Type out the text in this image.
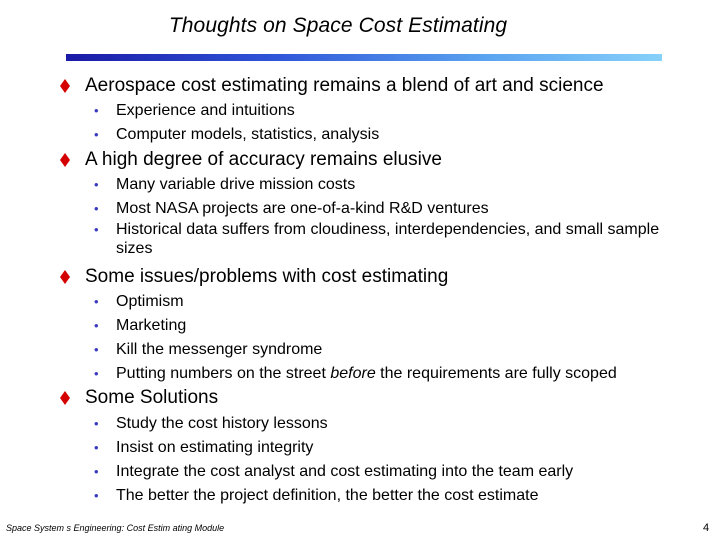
Thoughts on Space Cost Estimating
Aerospace cost estimating remains a blend of art and science
• Experience and intuitions
• Computer models, statistics, analysis
A high degree of accuracy remains elusive
• Many variable drive mission costs
• Most NASA projects are one-of-a-kind R&D ventures
• Historical data suffers from cloudiness, interdependencies, and small sample sizes
Some issues/problems with cost estimating
• Optimism
• Marketing
• Kill the messenger syndrome
• Putting numbers on the street before the requirements are fully scoped
Some Solutions
• Study the cost history lessons
• Insist on estimating integrity
• Integrate the cost analyst and cost estimating into the team early
• The better the project definition, the better the cost estimate
Space System s Engineering: Cost Estim ating Module	4
